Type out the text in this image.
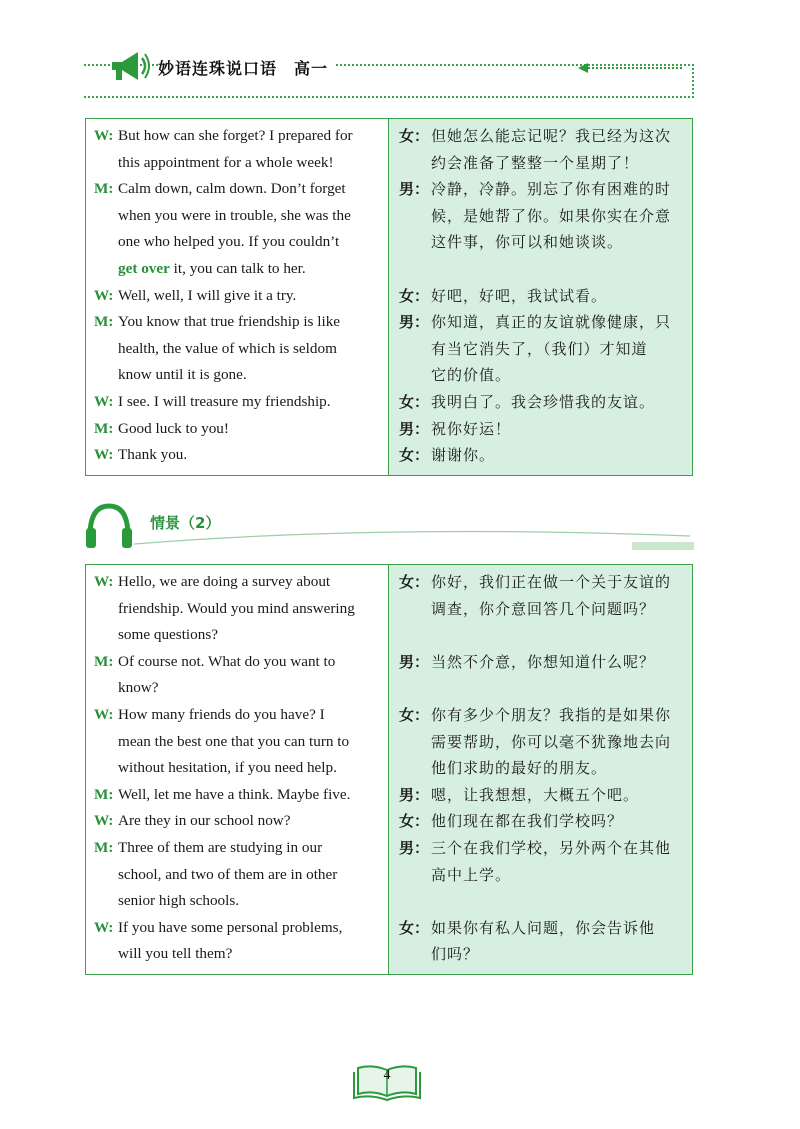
妙语连珠说口语　高一
W: But how can she forget? I prepared for
this appointment for a whole week!
M: Calm down, calm down. Don’t forget
when you were in trouble, she was the
one who helped you. If you couldn’t
get over it, you can talk to her.
W: Well, well, I will give it a try.
M: You know that true friendship is like
health, the value of which is seldom
know until it is gone.
W: I see. I will treasure my friendship.
M: Good luck to you!
W: Thank you.
女： 但她怎么能忘记呢？我已经为这次
约会准备了整整一个星期了！
男： 冷静，冷静。别忘了你有困难的时
候，是她帮了你。如果你实在介意
这件事，你可以和她谈谈。

女： 好吧，好吧，我试试看。
男： 你知道，真正的友谊就像健康，只
有当它消失了，（我们）才知道
它的价值。
女： 我明白了。我会珍惜我的友谊。
男： 祝你好运！
女： 谢谢你。
情景（2）
W: Hello, we are doing a survey about
friendship. Would you mind answering
some questions?
M: Of course not. What do you want to
know?
W: How many friends do you have? I
mean the best one that you can turn to
without hesitation, if you need help.
M: Well, let me have a think. Maybe five.
W: Are they in our school now?
M: Three of them are studying in our
school, and two of them are in other
senior high schools.
W: If you have some personal problems,
will you tell them?
女： 你好，我们正在做一个关于友谊的
调查，你介意回答几个问题吗？

男： 当然不介意，你想知道什么呢？

女： 你有多少个朋友？我指的是如果你
需要帮助，你可以毫不犹豫地去向
他们求助的最好的朋友。
男： 嗯，让我想想，大概五个吧。
女： 他们现在都在我们学校吗？
男： 三个在我们学校，另外两个在其他
高中上学。

女： 如果你有私人问题，你会告诉他
们吗？
4
